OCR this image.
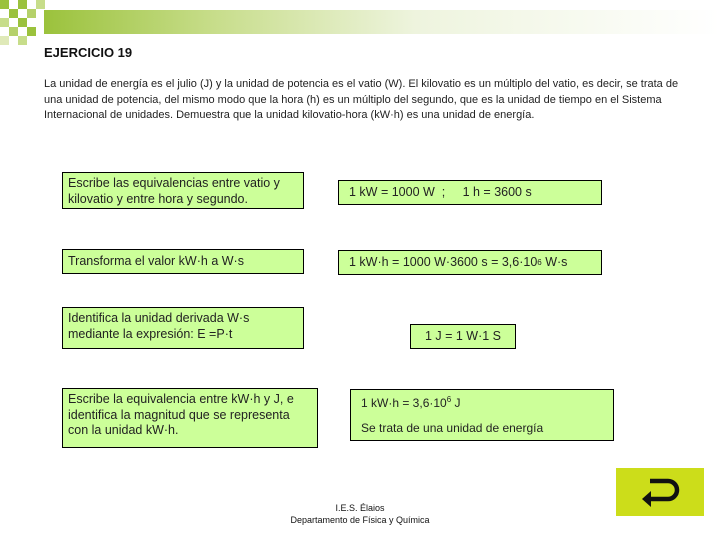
EJERCICIO 19
La unidad de energía es el julio (J) y la unidad de potencia es el vatio (W). El kilovatio es un múltiplo del vatio, es decir, se trata de una unidad de potencia, del mismo modo que la hora (h) es un múltiplo del segundo, que es la unidad de tiempo en el Sistema Internacional de unidades. Demuestra que la unidad kilovatio-hora (kW·h) es una unidad de energía.
Escribe las equivalencias entre vatio y kilovatio y entre hora y segundo.
Transforma el valor kW·h a W·s
Identifica la unidad derivada W·s mediante la expresión: E =P·t
Escribe la equivalencia entre kW·h y J, e identifica la magnitud que se representa con la unidad kW·h.
1 kW = 1000 W  ;     1 h = 3600 s
1 kW·h = 1000 W·3600 s = 3,6·10 6 W·s
1 J = 1 W·1 S
1 $kW\cdot h = 3,6\cdot 10^6$ J
Se trata de una unidad de energía
I.E.S. Élaios
Departamento de Física y Química
